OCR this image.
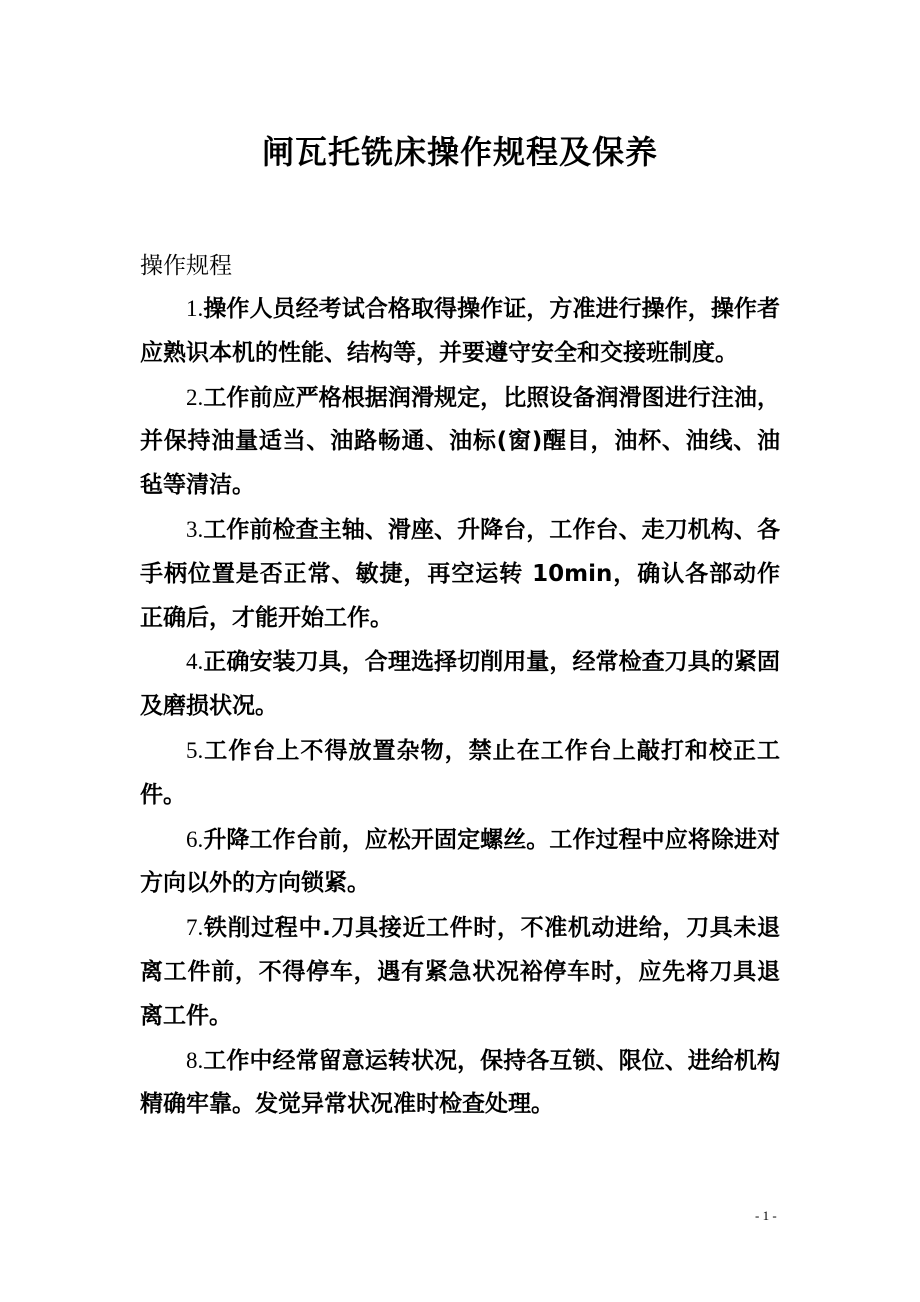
闸瓦托铣床操作规程及保养

操作规程

1.操作人员经考试合格取得操作证，方准进行操作，操作者应熟识本机的性能、结构等，并要遵守安全和交接班制度。

2.工作前应严格根据润滑规定，比照设备润滑图进行注油，并保持油量适当、油路畅通、油标(窗)醒目，油杯、油线、油毡等清洁。

3.工作前检查主轴、滑座、升降台，工作台、走刀机构、各手柄位置是否正常、敏捷，再空运转 10min，确认各部动作正确后，才能开始工作。

4.正确安装刀具，合理选择切削用量，经常检查刀具的紧固及磨损状况。

5.工作台上不得放置杂物，禁止在工作台上敲打和校正工件。

6.升降工作台前，应松开固定螺丝。工作过程中应将除进对方向以外的方向锁紧。

7.铁削过程中.刀具接近工件时，不准机动进给，刀具未退离工件前，不得停车，遇有紧急状况裕停车时，应先将刀具退离工件。

8.工作中经常留意运转状况，保持各互锁、限位、进给机构精确牢靠。发觉异常状况准时检查处理。

- 1 -
